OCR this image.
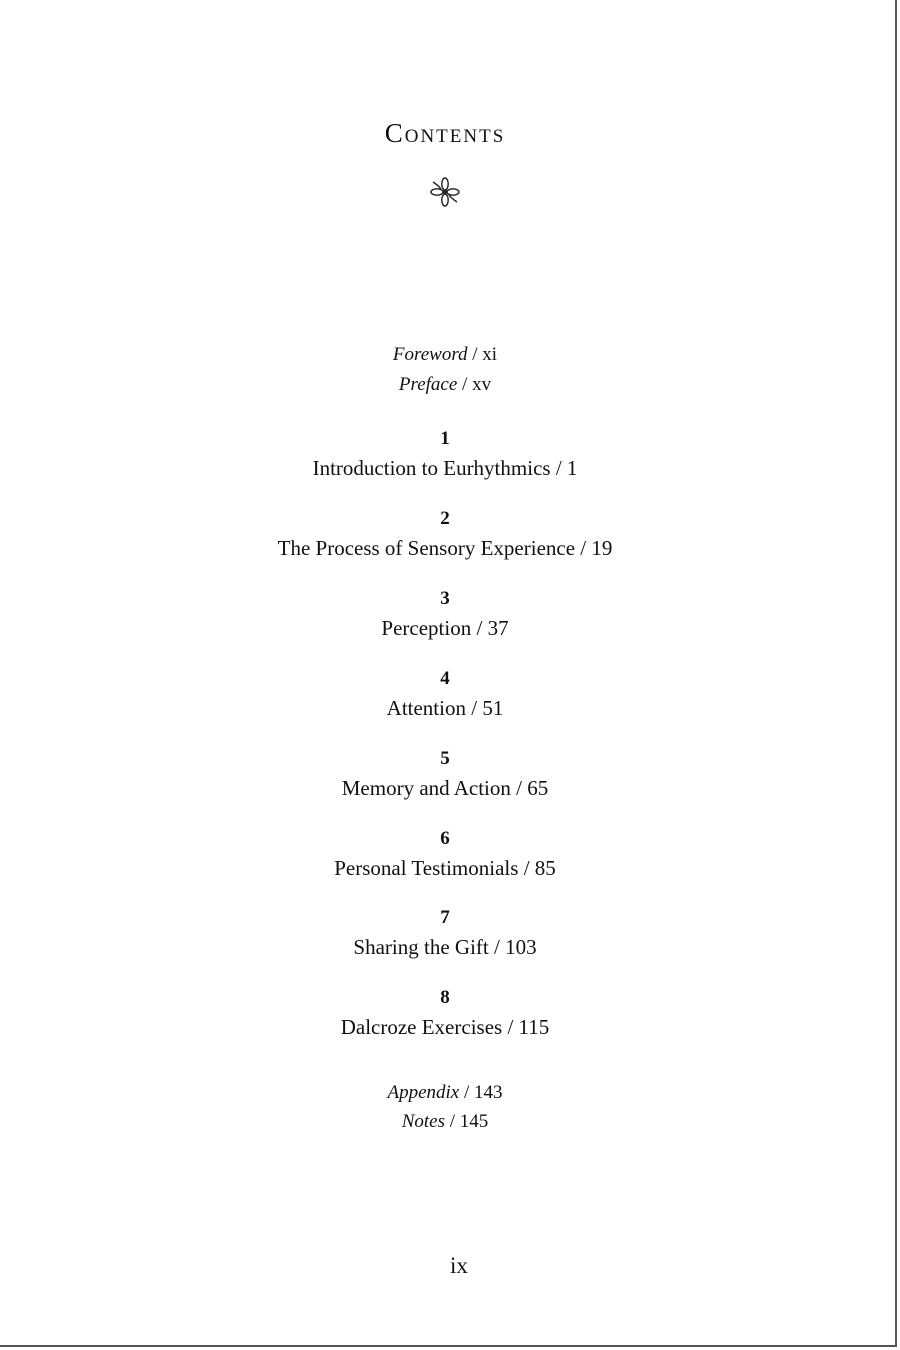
Contents
Foreword / xi
Preface / xv
1
Introduction to Eurhythmics / 1
2
The Process of Sensory Experience / 19
3
Perception / 37
4
Attention / 51
5
Memory and Action / 65
6
Personal Testimonials / 85
7
Sharing the Gift / 103
8
Dalcroze Exercises / 115
Appendix / 143
Notes / 145
ix
